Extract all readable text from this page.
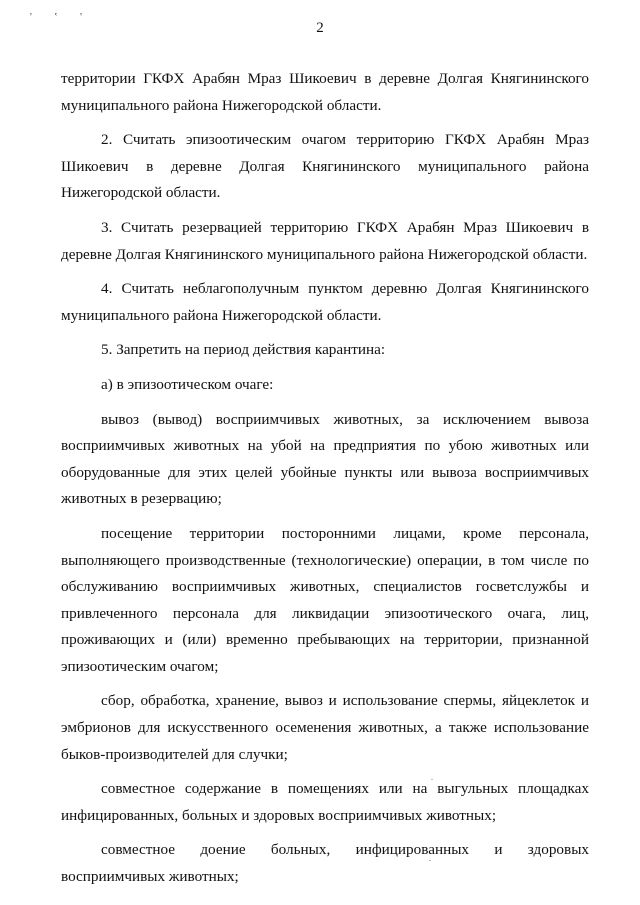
' ‛ '
2

территории ГКФХ Арабян Мраз Шикоевич в деревне Долгая Княгининского муниципального района Нижегородской области.

2. Считать эпизоотическим очагом территорию ГКФХ Арабян Мраз Шикоевич в деревне Долгая Княгининского муниципального района Нижегородской области.

3. Считать резервацией территорию ГКФХ Арабян Мраз Шикоевич в деревне Долгая Княгининского муниципального района Нижегородской области.

4. Считать неблагополучным пунктом деревню Долгая Княгининского муниципального района Нижегородской области.

5. Запретить на период действия карантина:

а) в эпизоотическом очаге:

вывоз (вывод) восприимчивых животных, за исключением вывоза восприимчивых животных на убой на предприятия по убою животных или оборудованные для этих целей убойные пункты или вывоза восприимчивых животных в резервацию;

посещение территории посторонними лицами, кроме персонала, выполняющего производственные (технологические) операции, в том числе по обслуживанию восприимчивых животных, специалистов госветслужбы и привлеченного персонала для ликвидации эпизоотического очага, лиц, проживающих и (или) временно пребывающих на территории, признанной эпизоотическим очагом;

сбор, обработка, хранение, вывоз и использование спермы, яйцеклеток и эмбрионов для искусственного осеменения животных, а также использование быков-производителей для случки;

совместное содержание в помещениях или на выгульных площадках инфицированных, больных и здоровых восприимчивых животных;

совместное доение больных, инфицированных и здоровых восприимчивых животных;
